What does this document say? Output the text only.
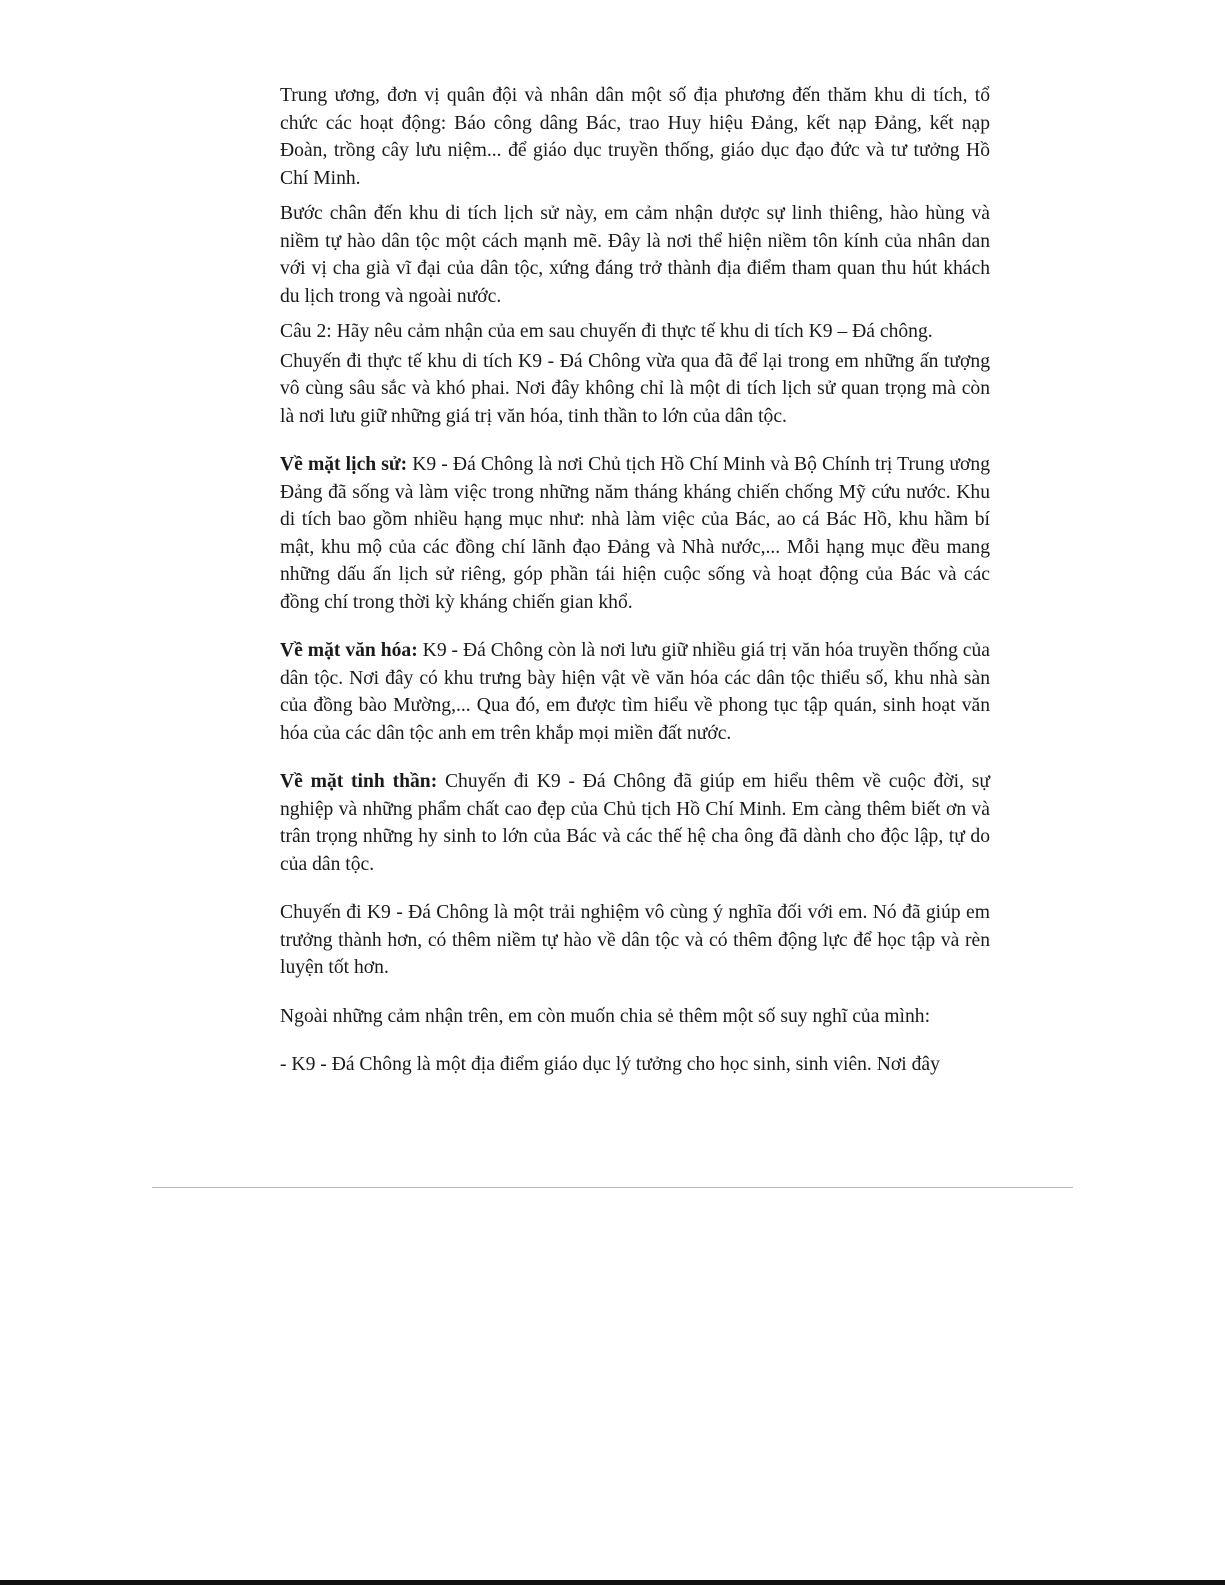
Trung ương, đơn vị quân đội và nhân dân một số địa phương đến thăm khu di tích, tổ chức các hoạt động: Báo công dâng Bác, trao Huy hiệu Đảng, kết nạp Đảng, kết nạp Đoàn, trồng cây lưu niệm... để giáo dục truyền thống, giáo dục đạo đức và tư tưởng Hồ Chí Minh.

Bước chân đến khu di tích lịch sử này, em cảm nhận dược sự linh thiêng, hào hùng và niềm tự hào dân tộc một cách mạnh mẽ. Đây là nơi thể hiện niềm tôn kính của nhân dan với vị cha già vĩ đại của dân tộc, xứng đáng trở thành địa điểm tham quan thu hút khách du lịch trong và ngoài nước.

Câu 2: Hãy nêu cảm nhận của em sau chuyến đi thực tế khu di tích K9 – Đá chông.

Chuyến đi thực tế khu di tích K9 - Đá Chông vừa qua đã để lại trong em những ấn tượng vô cùng sâu sắc và khó phai. Nơi đây không chỉ là một di tích lịch sử quan trọng mà còn là nơi lưu giữ những giá trị văn hóa, tinh thần to lớn của dân tộc.

Về mặt lịch sử: K9 - Đá Chông là nơi Chủ tịch Hồ Chí Minh và Bộ Chính trị Trung ương Đảng đã sống và làm việc trong những năm tháng kháng chiến chống Mỹ cứu nước. Khu di tích bao gồm nhiều hạng mục như: nhà làm việc của Bác, ao cá Bác Hồ, khu hầm bí mật, khu mộ của các đồng chí lãnh đạo Đảng và Nhà nước,... Mỗi hạng mục đều mang những dấu ấn lịch sử riêng, góp phần tái hiện cuộc sống và hoạt động của Bác và các đồng chí trong thời kỳ kháng chiến gian khổ.

Về mặt văn hóa: K9 - Đá Chông còn là nơi lưu giữ nhiều giá trị văn hóa truyền thống của dân tộc. Nơi đây có khu trưng bày hiện vật về văn hóa các dân tộc thiểu số, khu nhà sàn của đồng bào Mường,... Qua đó, em được tìm hiểu về phong tục tập quán, sinh hoạt văn hóa của các dân tộc anh em trên khắp mọi miền đất nước.

Về mặt tinh thần: Chuyến đi K9 - Đá Chông đã giúp em hiểu thêm về cuộc đời, sự nghiệp và những phẩm chất cao đẹp của Chủ tịch Hồ Chí Minh. Em càng thêm biết ơn và trân trọng những hy sinh to lớn của Bác và các thế hệ cha ông đã dành cho độc lập, tự do của dân tộc.

Chuyến đi K9 - Đá Chông là một trải nghiệm vô cùng ý nghĩa đối với em. Nó đã giúp em trưởng thành hơn, có thêm niềm tự hào về dân tộc và có thêm động lực để học tập và rèn luyện tốt hơn.

Ngoài những cảm nhận trên, em còn muốn chia sẻ thêm một số suy nghĩ của mình:

- K9 - Đá Chông là một địa điểm giáo dục lý tưởng cho học sinh, sinh viên. Nơi đây
